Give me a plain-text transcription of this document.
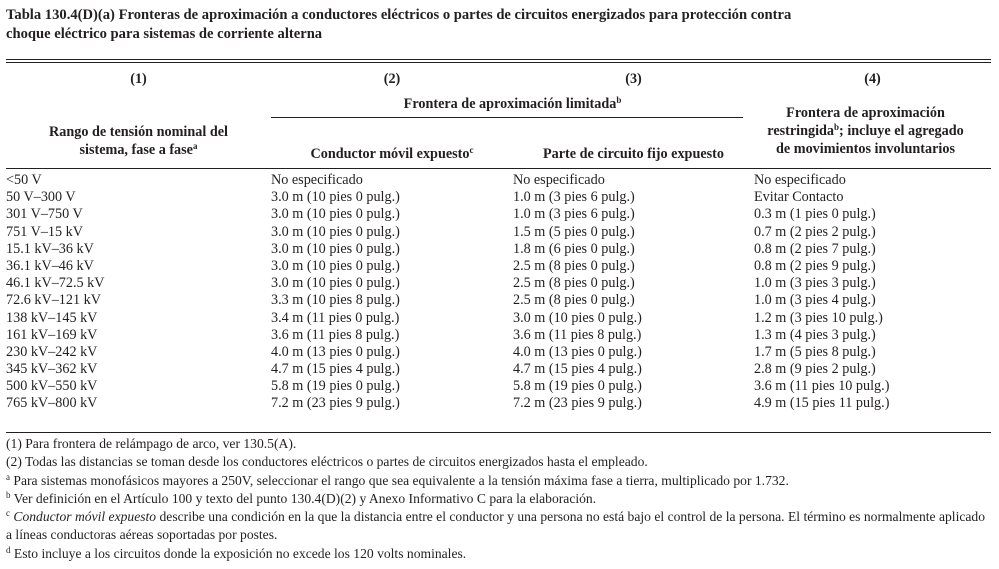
Tabla 130.4(D)(a) Fronteras de aproximación a conductores eléctricos o partes de circuitos energizados para protección contra
choque eléctrico para sistemas de corriente alterna
(1)	(2)	(3)	(4)
Frontera de aproximación limitada$^b$
Rango de tensión nominal del
sistema, fase a fase$^a$	Conductor móvil expuesto$^c$	Parte de circuito fijo expuesto
Frontera de aproximación
restringida$^b$; incluye el agregado
de movimientos involuntarios
<50 V	No especificado	No especificado	No especificado
50 V–300 V	3.0 m (10 pies 0 pulg.)	1.0 m (3 pies 6 pulg.)	Evitar Contacto
301 V–750 V	3.0 m (10 pies 0 pulg.)	1.0 m (3 pies 6 pulg.)	0.3 m (1 pies 0 pulg.)
751 V–15 kV	3.0 m (10 pies 0 pulg.)	1.5 m (5 pies 0 pulg.)	0.7 m (2 pies 2 pulg.)
15.1 kV–36 kV	3.0 m (10 pies 0 pulg.)	1.8 m (6 pies 0 pulg.)	0.8 m (2 pies 7 pulg.)
36.1 kV–46 kV	3.0 m (10 pies 0 pulg.)	2.5 m (8 pies 0 pulg.)	0.8 m (2 pies 9 pulg.)
46.1 kV–72.5 kV	3.0 m (10 pies 0 pulg.)	2.5 m (8 pies 0 pulg.)	1.0 m (3 pies 3 pulg.)
72.6 kV–121 kV	3.3 m (10 pies 8 pulg.)	2.5 m (8 pies 0 pulg.)	1.0 m (3 pies 4 pulg.)
138 kV–145 kV	3.4 m (11 pies 0 pulg.)	3.0 m (10 pies 0 pulg.)	1.2 m (3 pies 10 pulg.)
161 kV–169 kV	3.6 m (11 pies 8 pulg.)	3.6 m (11 pies 8 pulg.)	1.3 m (4 pies 3 pulg.)
230 kV–242 kV	4.0 m (13 pies 0 pulg.)	4.0 m (13 pies 0 pulg.)	1.7 m (5 pies 8 pulg.)
345 kV–362 kV	4.7 m (15 pies 4 pulg.)	4.7 m (15 pies 4 pulg.)	2.8 m (9 pies 2 pulg.)
500 kV–550 kV	5.8 m (19 pies 0 pulg.)	5.8 m (19 pies 0 pulg.)	3.6 m (11 pies 10 pulg.)
765 kV–800 kV	7.2 m (23 pies 9 pulg.)	7.2 m (23 pies 9 pulg.)	4.9 m (15 pies 11 pulg.)
(1) Para frontera de relámpago de arco, ver 130.5(A).
(2) Todas las distancias se toman desde los conductores eléctricos o partes de circuitos energizados hasta el empleado.
$^a$ Para sistemas monofásicos mayores a 250V, seleccionar el rango que sea equivalente a la tensión máxima fase a tierra, multiplicado por 1.732.
$^b$ Ver definición en el Artículo 100 y texto del punto 130.4(D)(2) y Anexo Informativo C para la elaboración.
$^c$ Conductor móvil expuesto describe una condición en la que la distancia entre el conductor y una persona no está bajo el control de la persona. El término es normalmente aplicado a líneas conductoras aéreas soportadas por postes.
$^d$ Esto incluye a los circuitos donde la exposición no excede los 120 volts nominales.
